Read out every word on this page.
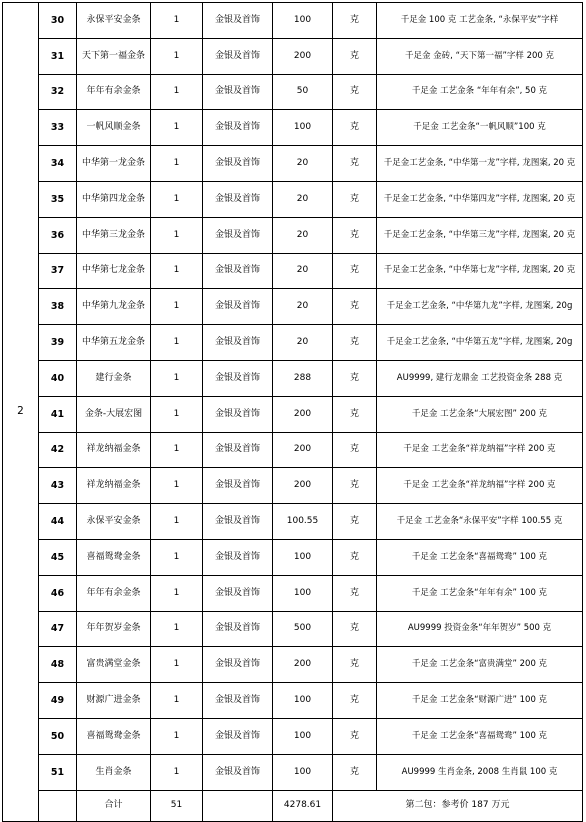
2	30	永保平安金条	1	金银及首饰	100	克	千足金 100 克 工艺金条, “永保平安”字样
	31	天下第一福金条	1	金银及首饰	200	克	千足金 金砖, “天下第一福”字样 200 克
	32	年年有余金条	1	金银及首饰	50	克	千足金 工艺金条 “年年有余”, 50 克
	33	一帆风顺金条	1	金银及首饰	100	克	千足金 工艺金条“一帆风顺”100 克
	34	中华第一龙金条	1	金银及首饰	20	克	千足金工艺金条, “中华第一龙”字样, 龙图案, 20 克
	35	中华第四龙金条	1	金银及首饰	20	克	千足金工艺金条, “中华第四龙”字样, 龙图案, 20 克
	36	中华第三龙金条	1	金银及首饰	20	克	千足金工艺金条, “中华第三龙”字样, 龙图案, 20 克
	37	中华第七龙金条	1	金银及首饰	20	克	千足金工艺金条, “中华第七龙”字样, 龙图案, 20 克
	38	中华第九龙金条	1	金银及首饰	20	克	千足金工艺金条, “中华第九龙”字样, 龙图案, 20g
	39	中华第五龙金条	1	金银及首饰	20	克	千足金工艺金条, “中华第五龙”字样, 龙图案, 20g
	40	建行金条	1	金银及首饰	288	克	AU9999, 建行龙鼎金 工艺投资金条 288 克
	41	金条-大展宏图	1	金银及首饰	200	克	千足金 工艺金条“大展宏图” 200 克
	42	祥龙纳福金条	1	金银及首饰	200	克	千足金 工艺金条“祥龙纳福”字样 200 克
	43	祥龙纳福金条	1	金银及首饰	200	克	千足金 工艺金条“祥龙纳福”字样 200 克
	44	永保平安金条	1	金银及首饰	100.55	克	千足金 工艺金条“永保平安”字样 100.55 克
	45	喜福鸳鸯金条	1	金银及首饰	100	克	千足金 工艺金条“喜福鸳鸯” 100 克
	46	年年有余金条	1	金银及首饰	100	克	千足金 工艺金条“年年有余” 100 克
	47	年年贺岁金条	1	金银及首饰	500	克	AU9999 投资金条“年年贺岁” 500 克
	48	富贵满堂金条	1	金银及首饰	200	克	千足金 工艺金条“富贵满堂” 200 克
	49	财源广进金条	1	金银及首饰	100	克	千足金 工艺金条“财源广进” 100 克
	50	喜福鸳鸯金条	1	金银及首饰	100	克	千足金 工艺金条“喜福鸳鸯” 100 克
	51	生肖金条	1	金银及首饰	100	克	AU9999 生肖金条, 2008 生肖鼠 100 克
		合计	51		4278.61	第二包：参考价 187 万元	
